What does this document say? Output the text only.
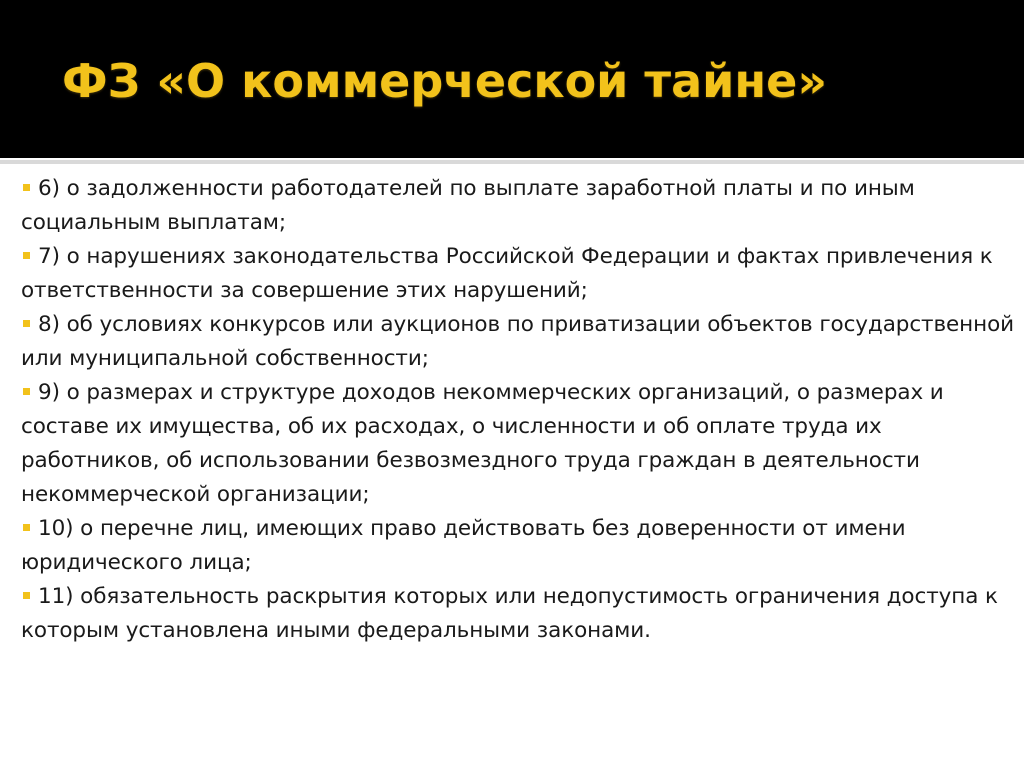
ФЗ «О коммерческой тайне»
6) о задолженности работодателей по выплате заработной платы и по иным социальным выплатам;
7) о нарушениях законодательства Российской Федерации и фактах привлечения к ответственности за совершение этих нарушений;
8) об условиях конкурсов или аукционов по приватизации объектов государственной или муниципальной собственности;
9) о размерах и структуре доходов некоммерческих организаций, о размерах и составе их имущества, об их расходах, о численности и об оплате труда их работников, об использовании безвозмездного труда граждан в деятельности некоммерческой организации;
10) о перечне лиц, имеющих право действовать без доверенности от имени юридического лица;
11) обязательность раскрытия которых или недопустимость ограничения доступа к которым установлена иными федеральными законами.
